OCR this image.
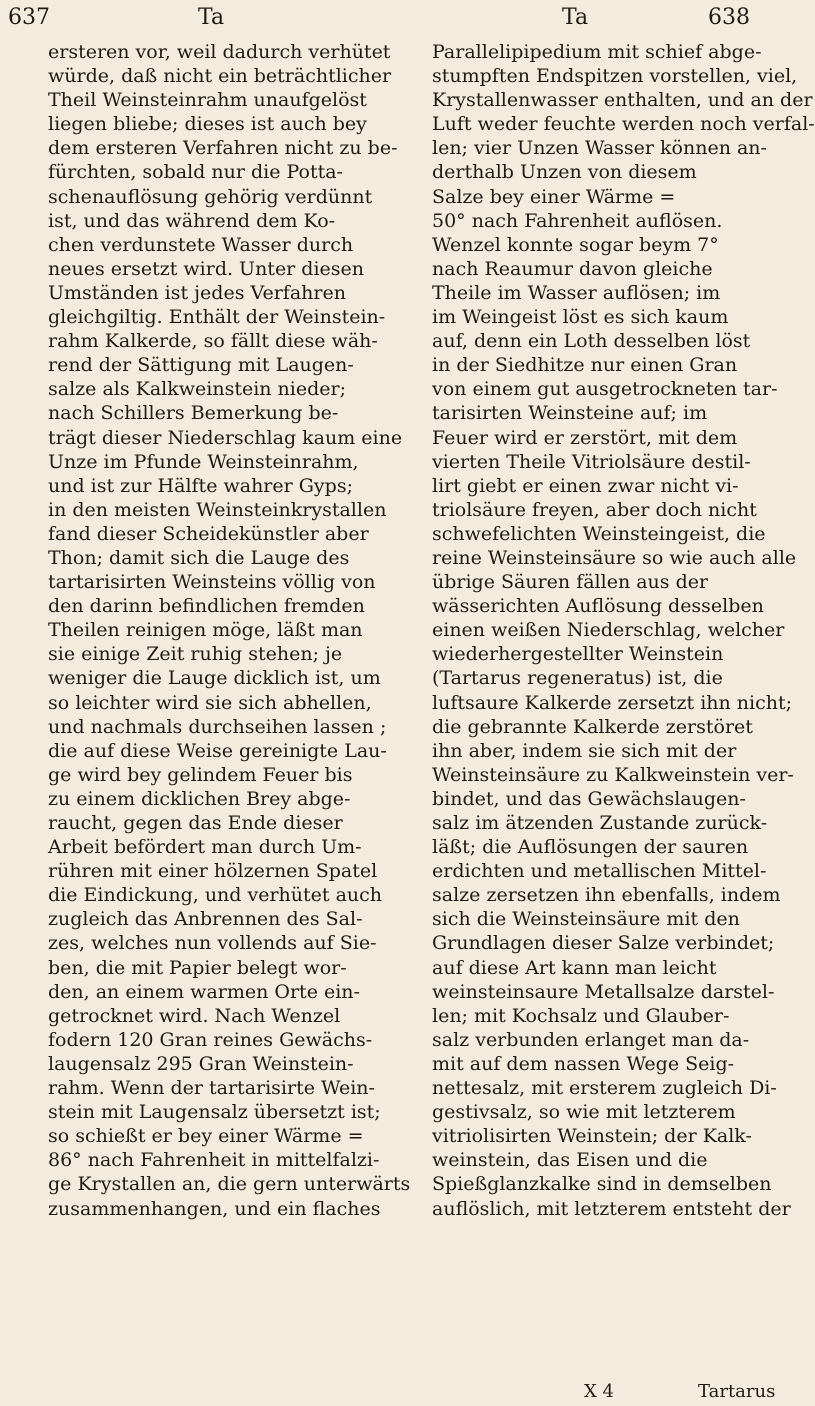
637	Ta	Ta	638
ersteren vor, weil dadurch verhütet
würde, daß nicht ein beträchtlicher
Theil Weinsteinrahm unaufgelöst
liegen bliebe; dieses ist auch bey
dem ersteren Verfahren nicht zu be-
fürchten, sobald nur die Potta-
schenauflösung gehörig verdünnt
ist, und das während dem Ko-
chen verdunstete Wasser durch
neues ersetzt wird. Unter diesen
Umständen ist jedes Verfahren
gleichgiltig. Enthält der Weinstein-
rahm Kalkerde, so fällt diese wäh-
rend der Sättigung mit Laugen-
salze als Kalkweinstein nieder;
nach Schillers Bemerkung be-
trägt dieser Niederschlag kaum eine
Unze im Pfunde Weinsteinrahm,
und ist zur Hälfte wahrer Gyps;
in den meisten Weinsteinkrystallen
fand dieser Scheidekünstler aber
Thon; damit sich die Lauge des
tartarisirten Weinsteins völlig von
den darinn befindlichen fremden
Theilen reinigen möge, läßt man
sie einige Zeit ruhig stehen; je
weniger die Lauge dicklich ist, um
so leichter wird sie sich abhellen,
und nachmals durchseihen lassen ;
die auf diese Weise gereinigte Lau-
ge wird bey gelindem Feuer bis
zu einem dicklichen Brey abge-
raucht, gegen das Ende dieser
Arbeit befördert man durch Um-
rühren mit einer hölzernen Spatel
die Eindickung, und verhütet auch
zugleich das Anbrennen des Sal-
zes, welches nun vollends auf Sie-
ben, die mit Papier belegt wor-
den, an einem warmen Orte ein-
getrocknet wird. Nach Wenzel
fodern 120 Gran reines Gewächs-
laugensalz 295 Gran Weinstein-
rahm. Wenn der tartarisirte Wein-
stein mit Laugensalz übersetzt ist;
so schießt er bey einer Wärme =
86° nach Fahrenheit in mittelfalzi-
ge Krystallen an, die gern unterwärts
zusammenhangen, und ein flaches
Parallelipipedium mit schief abge-
stumpften Endspitzen vorstellen, viel,
Krystallenwasser enthalten, und an der
Luft weder feuchte werden noch verfal-
len; vier Unzen Wasser können an-
derthalb Unzen von diesem
Salze bey einer Wärme =
50° nach Fahrenheit auflösen.
Wenzel konnte sogar beym 7°
nach Reaumur davon gleiche
Theile im Wasser auflösen; im
im Weingeist löst es sich kaum
auf, denn ein Loth desselben löst
in der Siedhitze nur einen Gran
von einem gut ausgetrockneten tar-
tarisirten Weinsteine auf; im
Feuer wird er zerstört, mit dem
vierten Theile Vitriolsäure destil-
lirt giebt er einen zwar nicht vi-
triolsäure freyen, aber doch nicht
schwefelichten Weinsteingeist, die
reine Weinsteinsäure so wie auch alle
übrige Säuren fällen aus der
wässerichten Auflösung desselben
einen weißen Niederschlag, welcher
wiederhergestellter Weinstein
(Tartarus regeneratus) ist, die
luftsaure Kalkerde zersetzt ihn nicht;
die gebrannte Kalkerde zerstöret
ihn aber, indem sie sich mit der
Weinsteinsäure zu Kalkweinstein ver-
bindet, und das Gewächslaugen-
salz im ätzenden Zustande zurück-
läßt; die Auflösungen der sauren
erdichten und metallischen Mittel-
salze zersetzen ihn ebenfalls, indem
sich die Weinsteinsäure mit den
Grundlagen dieser Salze verbindet;
auf diese Art kann man leicht
weinsteinsaure Metallsalze darstel-
len; mit Kochsalz und Glauber-
salz verbunden erlanget man da-
mit auf dem nassen Wege Seig-
nettesalz, mit ersterem zugleich Di-
gestivsalz, so wie mit letzterem
vitriolisirten Weinstein; der Kalk-
weinstein, das Eisen und die
Spießglanzkalke sind in demselben
auflöslich, mit letzterem entsteht der
X 4	Tartarus
